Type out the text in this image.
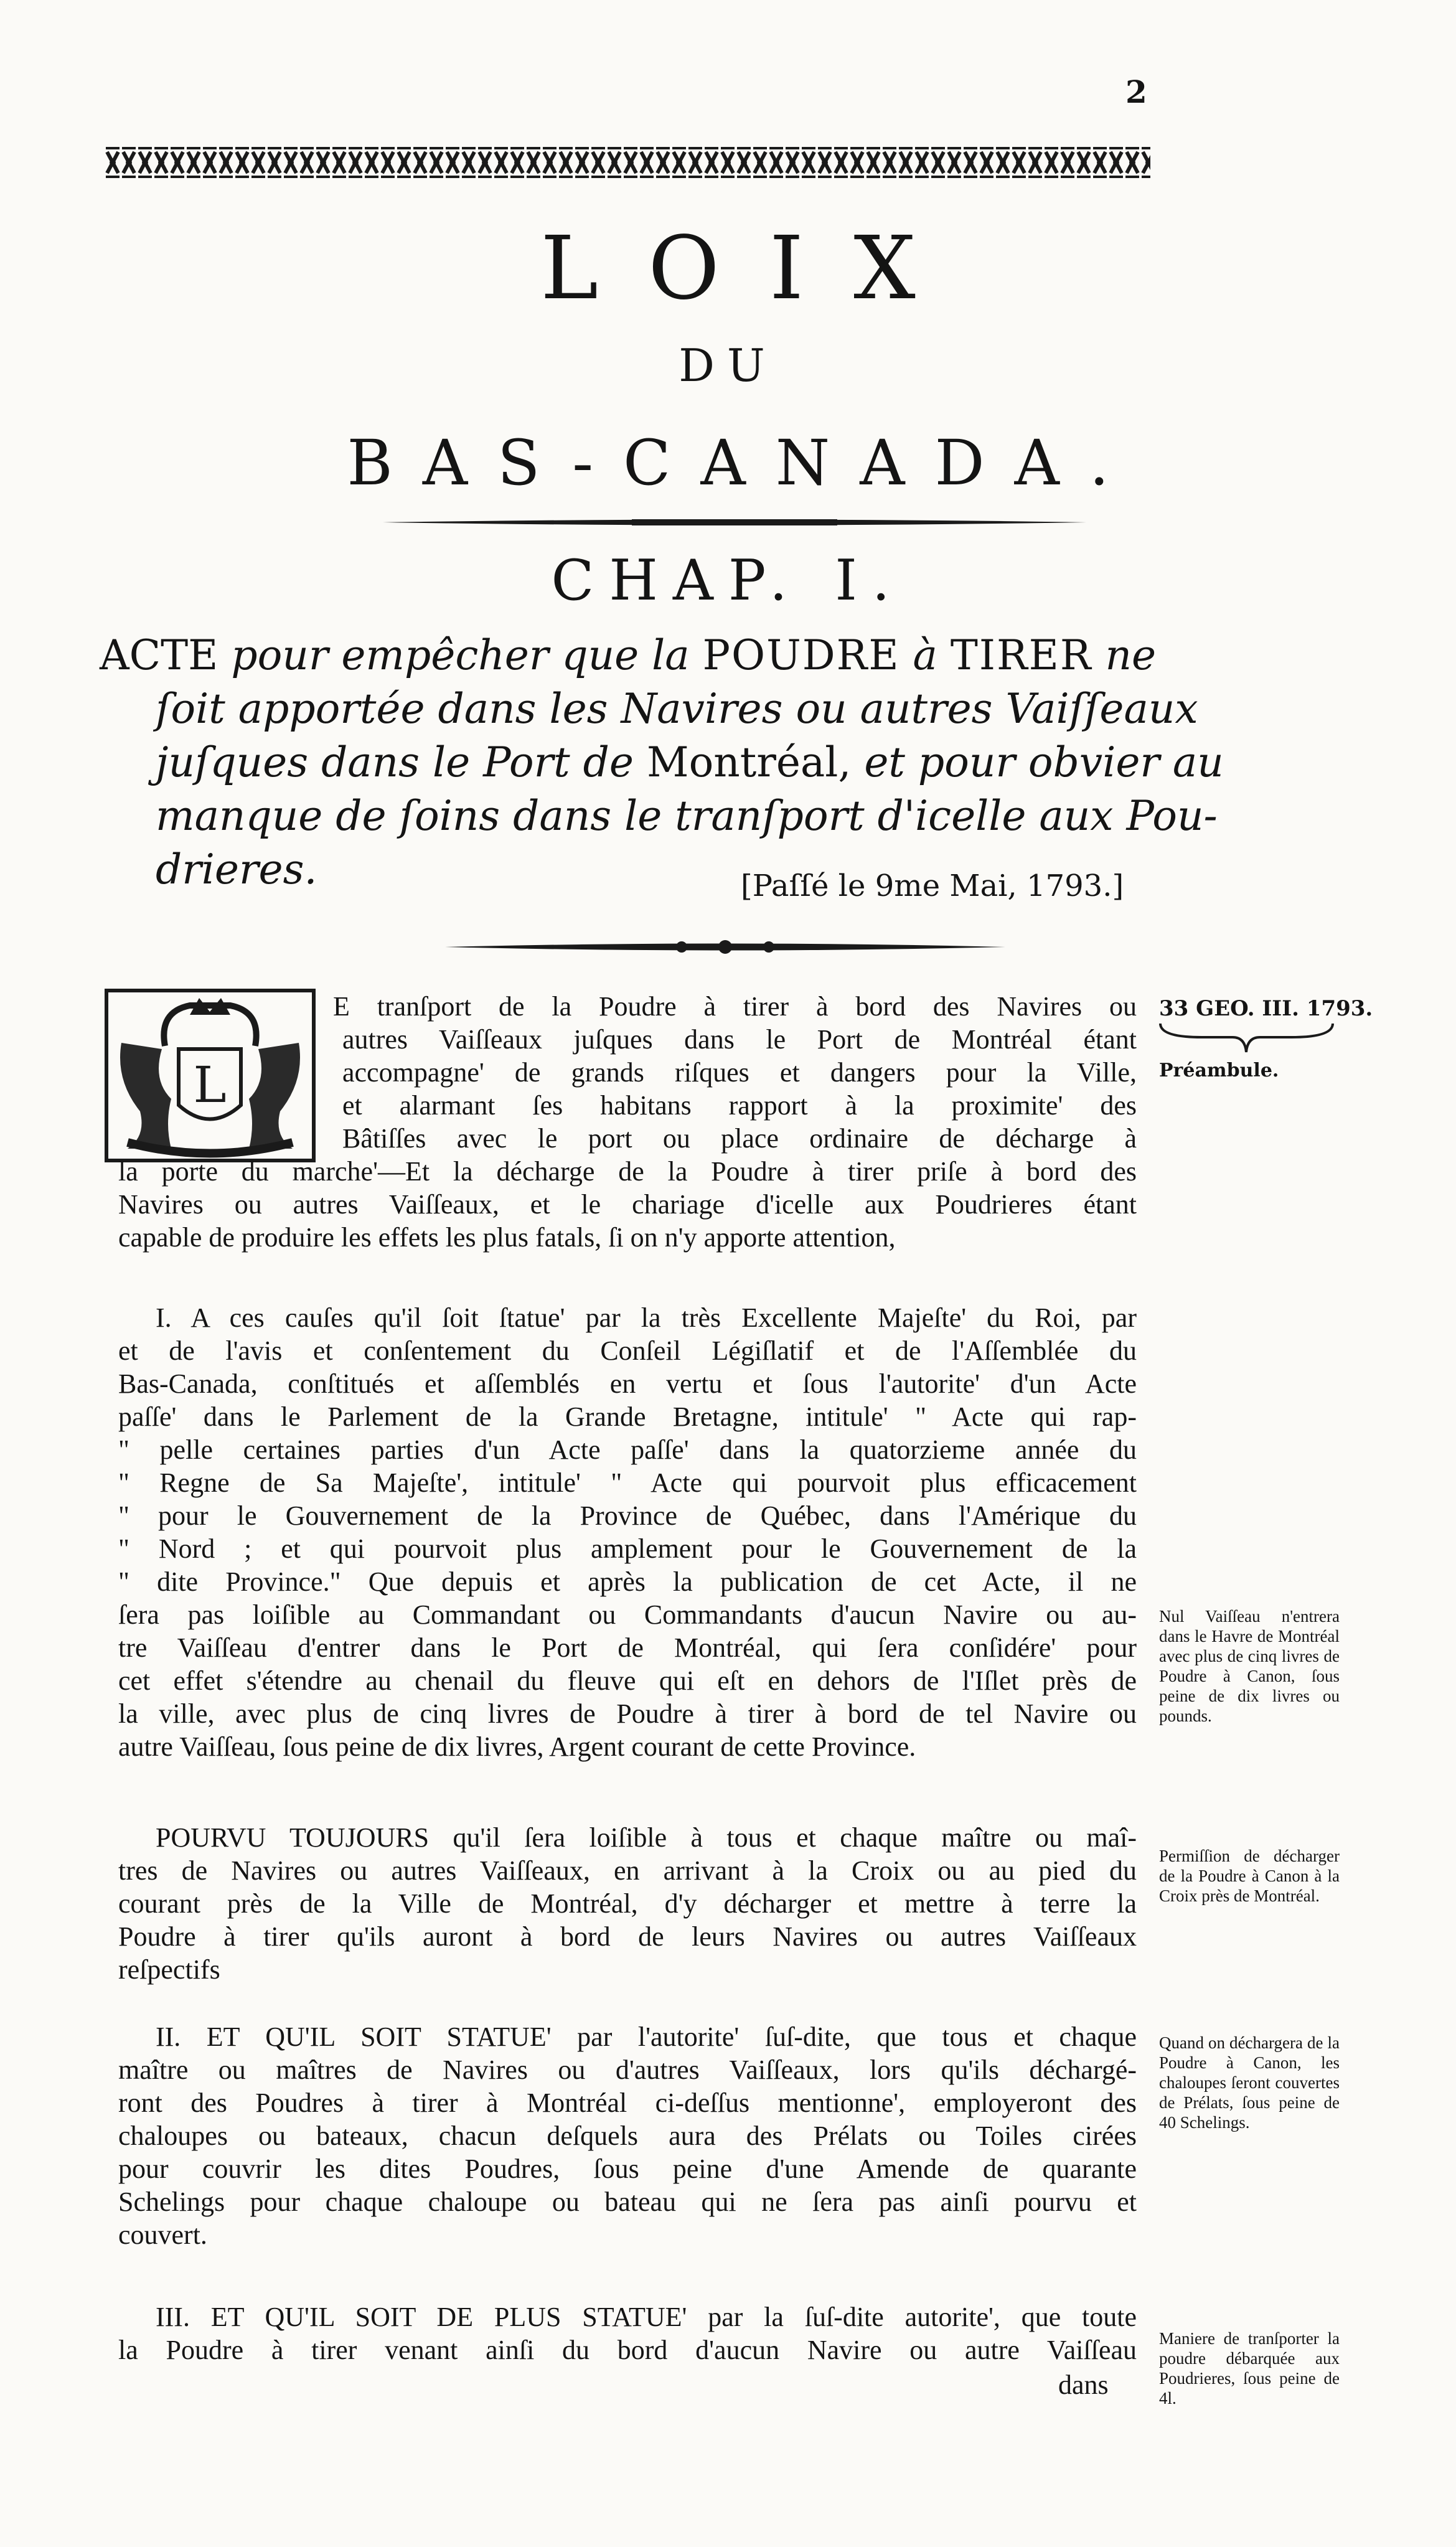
2
LOIX
DU
BAS-CANADA.
CHAP. I.
ACTE pour empêcher que la POUDRE à TIRER ne
ſoit apportée dans les Navires ou autres Vaiſſeaux
juſques dans le Port de Montréal, et pour obvier au
manque de ſoins dans le tranſport d'icelle aux Pou-
drieres.	[Paſſé le 9me Mai, 1793.]
L
E tranſport de la Poudre à tirer à bord des Navires ou
autres Vaiſſeaux juſques dans le Port de Montréal étant
accompagne' de grands riſques et dangers pour la Ville,
et alarmant ſes habitans rapport à la proximite' des
Bâtiſſes avec le port ou place ordinaire de décharge à
la porte du marche'—Et la décharge de la Poudre à tirer priſe à bord des
Navires ou autres Vaiſſeaux, et le chariage d'icelle aux Poudrieres étant
capable de produire les effets les plus fatals, ſi on n'y apporte attention,
I. A ces cauſes qu'il ſoit ſtatue' par la très Excellente Majeſte' du Roi, par
et de l'avis et conſentement du Conſeil Légiſlatif et de l'Aſſemblée du
Bas-Canada, conſtitués et aſſemblés en vertu et ſous l'autorite' d'un Acte
paſſe' dans le Parlement de la Grande Bretagne, intitule' " Acte qui rap-
" pelle certaines parties d'un Acte paſſe' dans la quatorzieme année du
" Regne de Sa Majeſte', intitule' " Acte qui pourvoit plus efficacement
" pour le Gouvernement de la Province de Québec, dans l'Amérique du
" Nord ; et qui pourvoit plus amplement pour le Gouvernement de la
" dite Province." Que depuis et après la publication de cet Acte, il ne
ſera pas loiſible au Commandant ou Commandants d'aucun Navire ou au-
tre Vaiſſeau d'entrer dans le Port de Montréal, qui ſera conſidére' pour
cet effet s'étendre au chenail du fleuve qui eſt en dehors de l'Iſlet près de
la ville, avec plus de cinq livres de Poudre à tirer à bord de tel Navire ou
autre Vaiſſeau, ſous peine de dix livres, Argent courant de cette Province.
POURVU TOUJOURS qu'il ſera loiſible à tous et chaque maître ou maî-
tres de Navires ou autres Vaiſſeaux, en arrivant à la Croix ou au pied du
courant près de la Ville de Montréal, d'y décharger et mettre à terre la
Poudre à tirer qu'ils auront à bord de leurs Navires ou autres Vaiſſeaux
reſpectifs
II. ET QU'IL SOIT STATUE' par l'autorite' ſuſ-dite, que tous et chaque
maître ou maîtres de Navires ou d'autres Vaiſſeaux, lors qu'ils déchargé-
ront des Poudres à tirer à Montréal ci-deſſus mentionne', employeront des
chaloupes ou bateaux, chacun deſquels aura des Prélats ou Toiles cirées
pour couvrir les dites Poudres, ſous peine d'une Amende de quarante
Schelings pour chaque chaloupe ou bateau qui ne ſera pas ainſi pourvu et
couvert.
III. ET QU'IL SOIT DE PLUS STATUE' par la ſuſ-dite autorite', que toute
la Poudre à tirer venant ainſi du bord d'aucun Navire ou autre Vaiſſeau
dans
33 GEO. III. 1793.
Préambule.

Nul Vaiſſeau n'entrera dans le Havre de Montréal avec plus de cinq livres de Poudre à Canon, ſous peine de dix livres ou pounds.

Permiſſion de décharger de la Poudre à Canon à la Croix près de Montréal.

Quand on déchargera de la Poudre à Canon, les chaloupes ſeront couvertes de Prélats, ſous peine de 40 Schelings.

Maniere de tranſporter la poudre débarquée aux Poudrieres, ſous peine de 4l.
